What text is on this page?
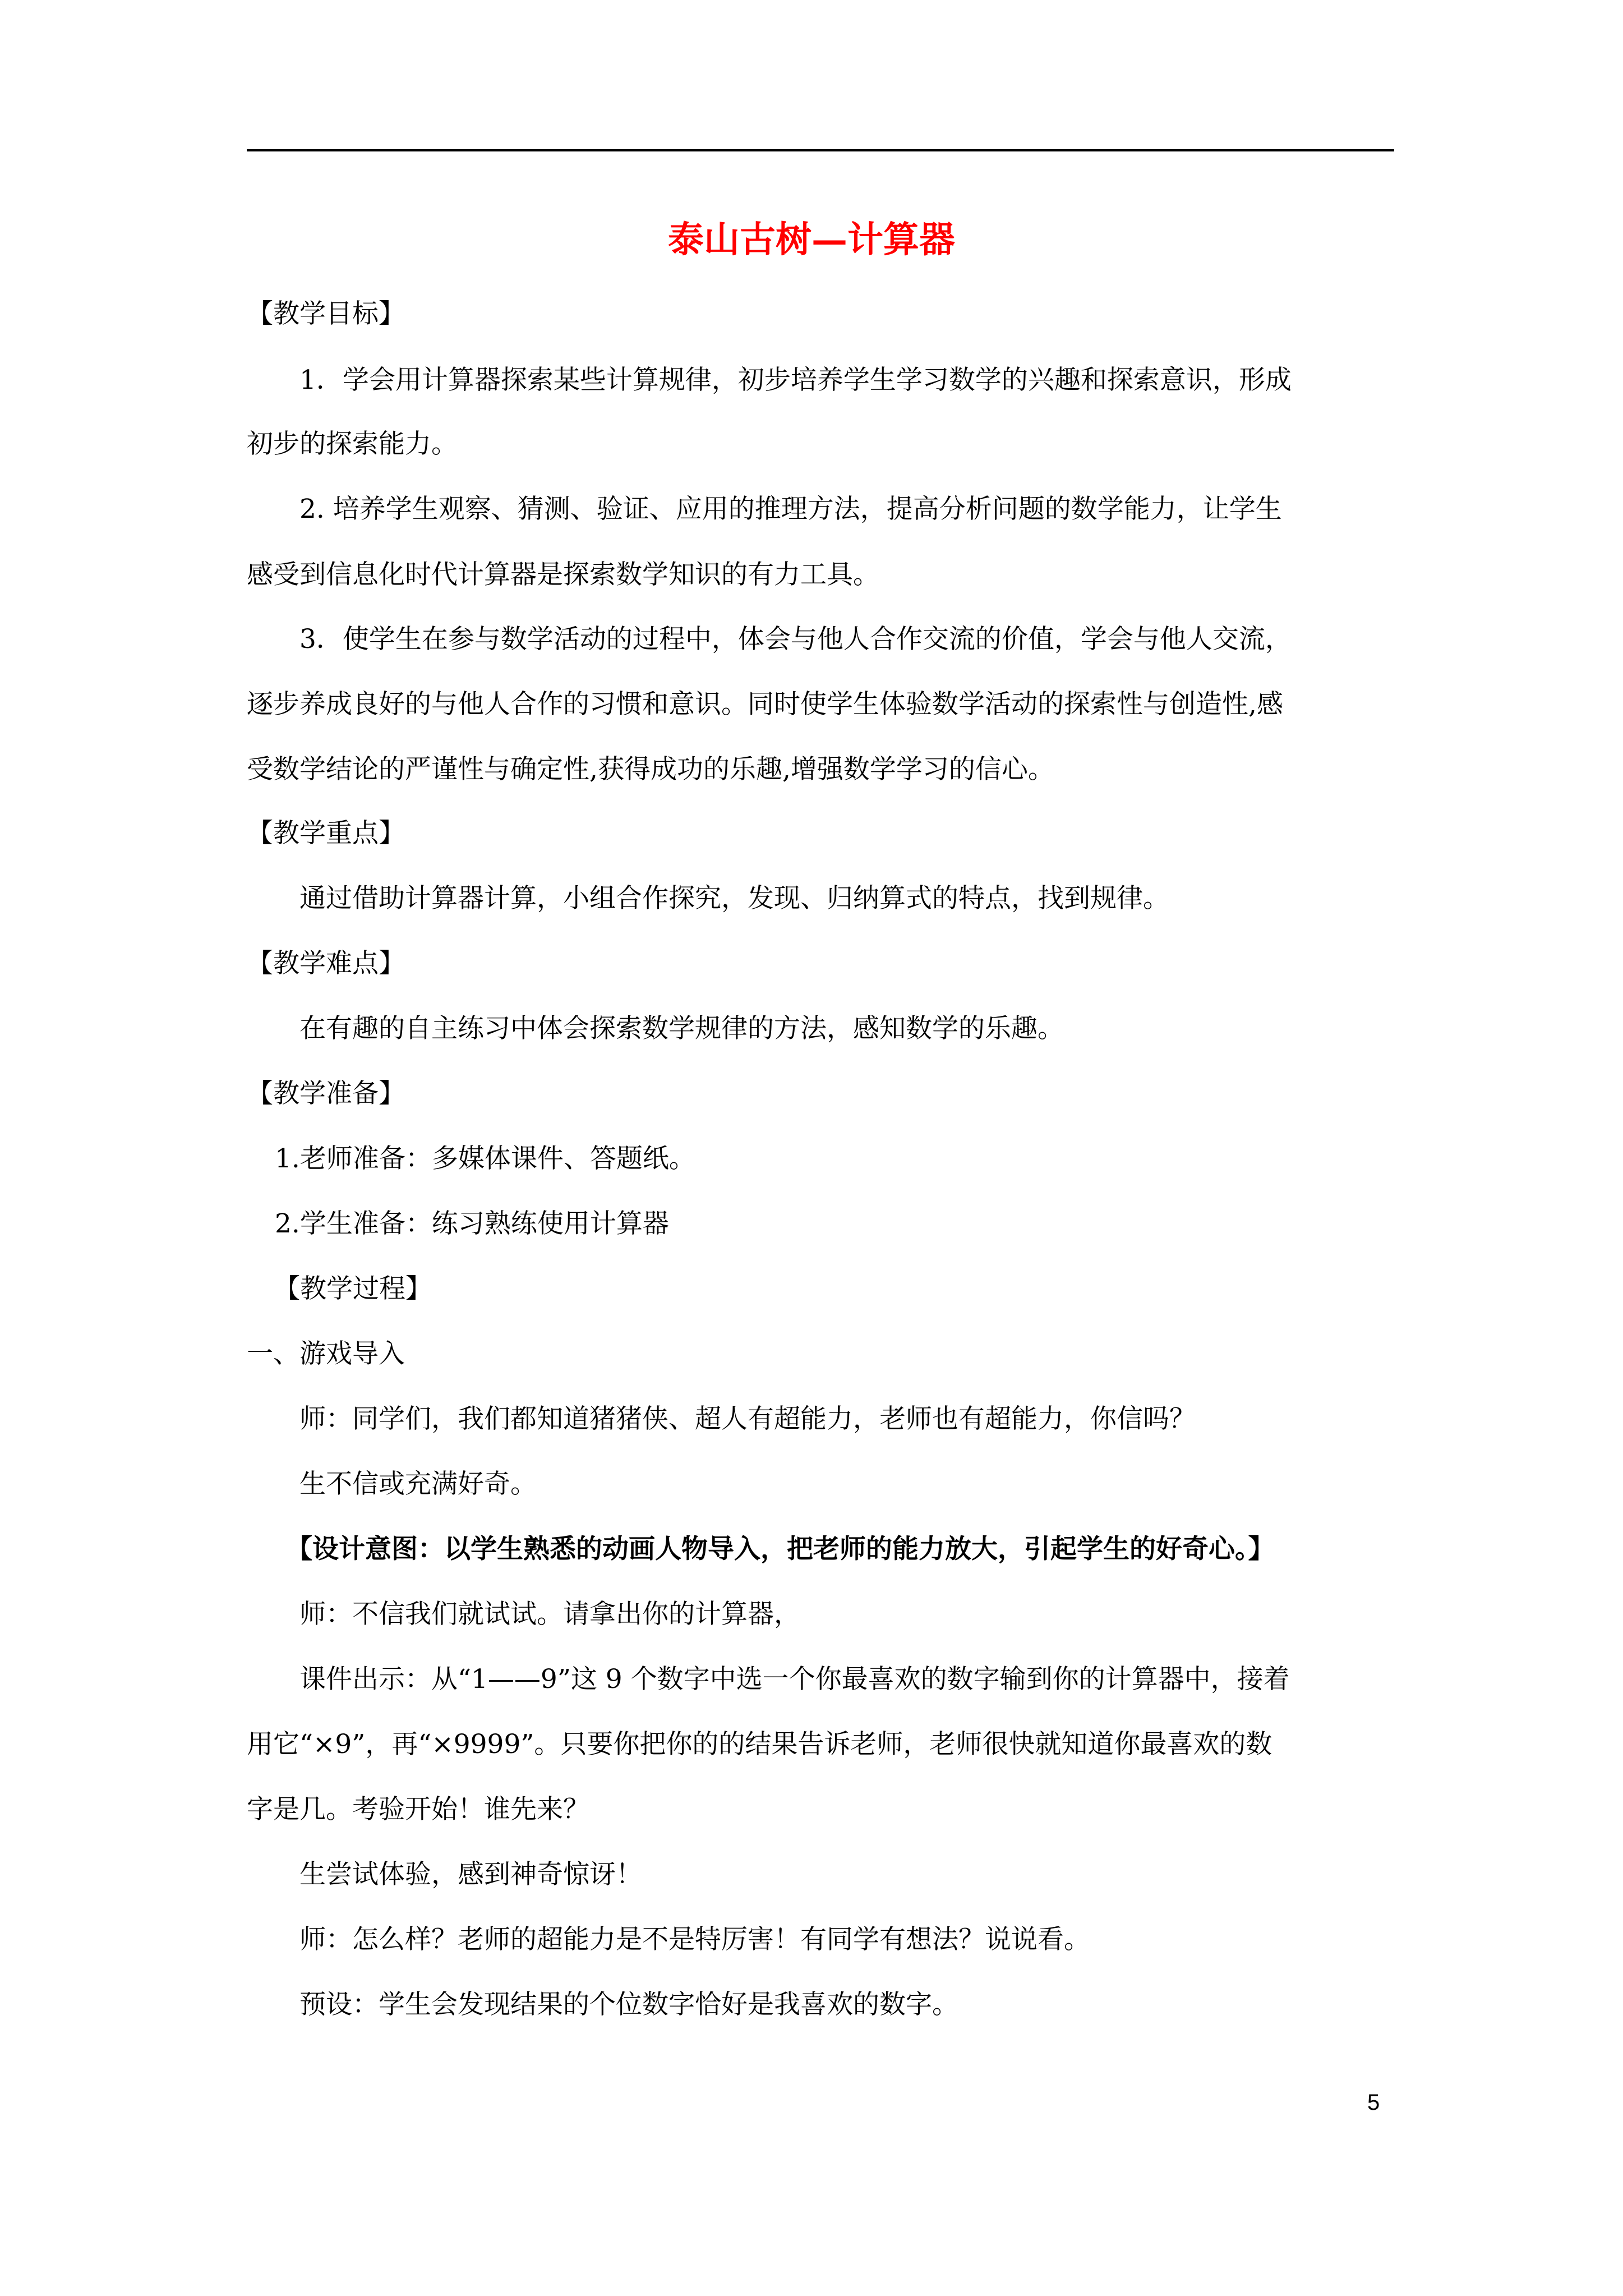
泰山古树—计算器

【教学目标】

1．学会用计算器探索某些计算规律，初步培养学生学习数学的兴趣和探索意识，形成

初步的探索能力。

2. 培养学生观察、猜测、验证、应用的推理方法，提高分析问题的数学能力，让学生

感受到信息化时代计算器是探索数学知识的有力工具。

3．使学生在参与数学活动的过程中，体会与他人合作交流的价值，学会与他人交流，

逐步养成良好的与他人合作的习惯和意识。同时使学生体验数学活动的探索性与创造性,感

受数学结论的严谨性与确定性,获得成功的乐趣,增强数学学习的信心。

【教学重点】

通过借助计算器计算，小组合作探究，发现、归纳算式的特点，找到规律。

【教学难点】

在有趣的自主练习中体会探索数学规律的方法，感知数学的乐趣。

【教学准备】

1.老师准备：多媒体课件、答题纸。

2.学生准备：练习熟练使用计算器

【教学过程】

一、游戏导入

师：同学们，我们都知道猪猪侠、超人有超能力，老师也有超能力，你信吗？

生不信或充满好奇。

【设计意图：以学生熟悉的动画人物导入，把老师的能力放大，引起学生的好奇心。】

师：不信我们就试试。请拿出你的计算器，

课件出示：从“1——9”这 9 个数字中选一个你最喜欢的数字输到你的计算器中，接着

用它“×9”，再“×9999”。只要你把你的的结果告诉老师，老师很快就知道你最喜欢的数

字是几。考验开始！谁先来？

生尝试体验，感到神奇惊讶！

师：怎么样？老师的超能力是不是特厉害！有同学有想法？说说看。

预设：学生会发现结果的个位数字恰好是我喜欢的数字。

5
